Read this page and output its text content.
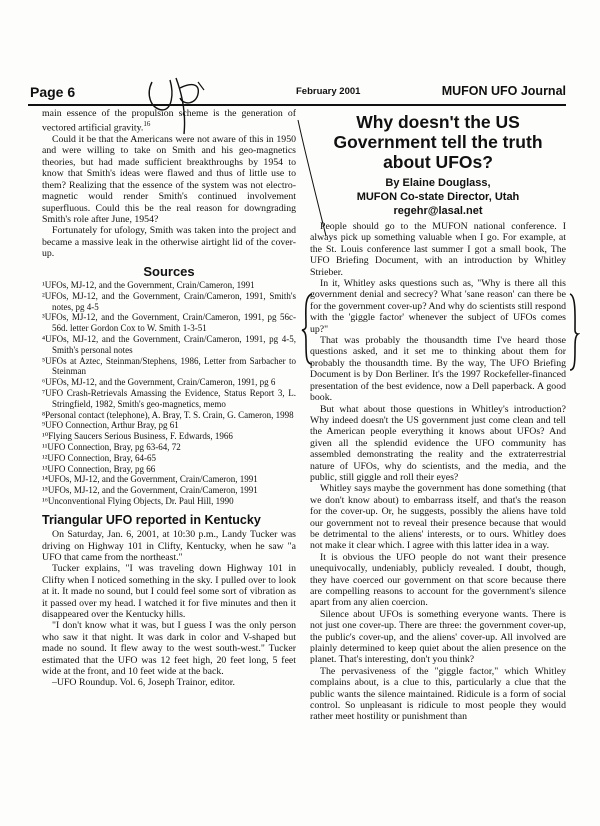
Page 6	February 2001	MUFON UFO Journal

main essence of the propulsion scheme is the generation of vectored artificial gravity.$^{16}$

Could it be that the Americans were not aware of this in 1950 and were willing to take on Smith and his geo-magnetics theories, but had made sufficient breakthroughs by 1954 to know that Smith's ideas were flawed and thus of little use to them? Realizing that the essence of the system was not electro-magnetic would render Smith's continued involvement superfluous. Could this be the real reason for downgrading Smith's role after June, 1954?

Fortunately for ufology, Smith was taken into the project and became a massive leak in the otherwise airtight lid of the cover-up.

Sources

¹UFOs, MJ-12, and the Government, Crain/Cameron, 1991

²UFOs, MJ-12, and the Government, Crain/Cameron, 1991, Smith's notes, pg 4-5

³UFOs, MJ-12, and the Government, Crain/Cameron, 1991, pg 56c-56d. letter Gordon Cox to W. Smith 1-3-51

⁴UFOs, MJ-12, and the Government, Crain/Cameron, 1991, pg 4-5, Smith's personal notes

⁵UFOs at Aztec, Steinman/Stephens, 1986, Letter from Sarbacher to Steinman

⁶UFOs, MJ-12, and the Government, Crain/Cameron, 1991, pg 6

⁷UFO Crash-Retrievals Amassing the Evidence, Status Report 3, L. Stringfield, 1982, Smith's geo-magnetics, memo

⁸Personal contact (telephone), A. Bray, T. S. Crain, G. Cameron, 1998

⁹UFO Connection, Arthur Bray, pg 61

¹⁰Flying Saucers Serious Business, F. Edwards, 1966

¹¹UFO Connection, Bray, pg 63-64, 72

¹²UFO Connection, Bray, 64-65

¹³UFO Connection, Bray, pg 66

¹⁴UFOs, MJ-12, and the Government, Crain/Cameron, 1991

¹⁵UFOs, MJ-12, and the Government, Crain/Cameron, 1991

¹⁶Unconventional Flying Objects, Dr. Paul Hill, 1990

Triangular UFO reported in Kentucky

On Saturday, Jan. 6, 2001, at 10:30 p.m., Landy Tucker was driving on Highway 101 in Clifty, Kentucky, when he saw "a UFO that came from the northeast."

Tucker explains, "I was traveling down Highway 101 in Clifty when I noticed something in the sky. I pulled over to look at it. It made no sound, but I could feel some sort of vibration as it passed over my head. I watched it for five minutes and then it disappeared over the Kentucky hills.

"I don't know what it was, but I guess I was the only person who saw it that night. It was dark in color and V-shaped but made no sound. It flew away to the west south-west." Tucker estimated that the UFO was 12 feet high, 20 feet long, 5 feet wide at the front, and 10 feet wide at the back.

–UFO Roundup. Vol. 6, Joseph Trainor, editor.

Why doesn't the US Government tell the truth about UFOs?
By Elaine Douglass,
MUFON Co-state Director, Utah
regehr@lasal.net

People should go to the MUFON national conference. I always pick up something valuable when I go. For example, at the St. Louis conference last summer I got a small book, The UFO Briefing Document, with an introduction by Whitley Strieber.

In it, Whitley asks questions such as, "Why is there all this government denial and secrecy? What 'sane reason' can there be for the government cover-up? And why do scientists still respond with the 'giggle factor' whenever the subject of UFOs comes up?"

That was probably the thousandth time I've heard those questions asked, and it set me to thinking about them for probably the thousandth time. By the way, The UFO Briefing Document is by Don Berliner. It's the 1997 Rockefeller-financed presentation of the best evidence, now a Dell paperback. A good book.

But what about those questions in Whitley's introduction? Why indeed doesn't the US government just come clean and tell the American people everything it knows about UFOs? And given all the splendid evidence the UFO community has assembled demonstrating the reality and the extraterrestrial nature of UFOs, why do scientists, and the media, and the public, still giggle and roll their eyes?

Whitley says maybe the government has done something (that we don't know about) to embarrass itself, and that's the reason for the cover-up. Or, he suggests, possibly the aliens have told our government not to reveal their presence because that would be detrimental to the aliens' interests, or to ours. Whitley does not make it clear which. I agree with this latter idea in a way.

It is obvious the UFO people do not want their presence unequivocally, undeniably, publicly revealed. I doubt, though, they have coerced our government on that score because there are compelling reasons to account for the government's silence apart from any alien coercion.

Silence about UFOs is something everyone wants. There is not just one cover-up. There are three: the government cover-up, the public's cover-up, and the aliens' cover-up. All involved are plainly determined to keep quiet about the alien presence on the planet. That's interesting, don't you think?

The pervasiveness of the "giggle factor," which Whitley complains about, is a clue to this, particularly a clue that the public wants the silence maintained. Ridicule is a form of social control. So unpleasant is ridicule to most people they would rather meet hostility or punishment than
